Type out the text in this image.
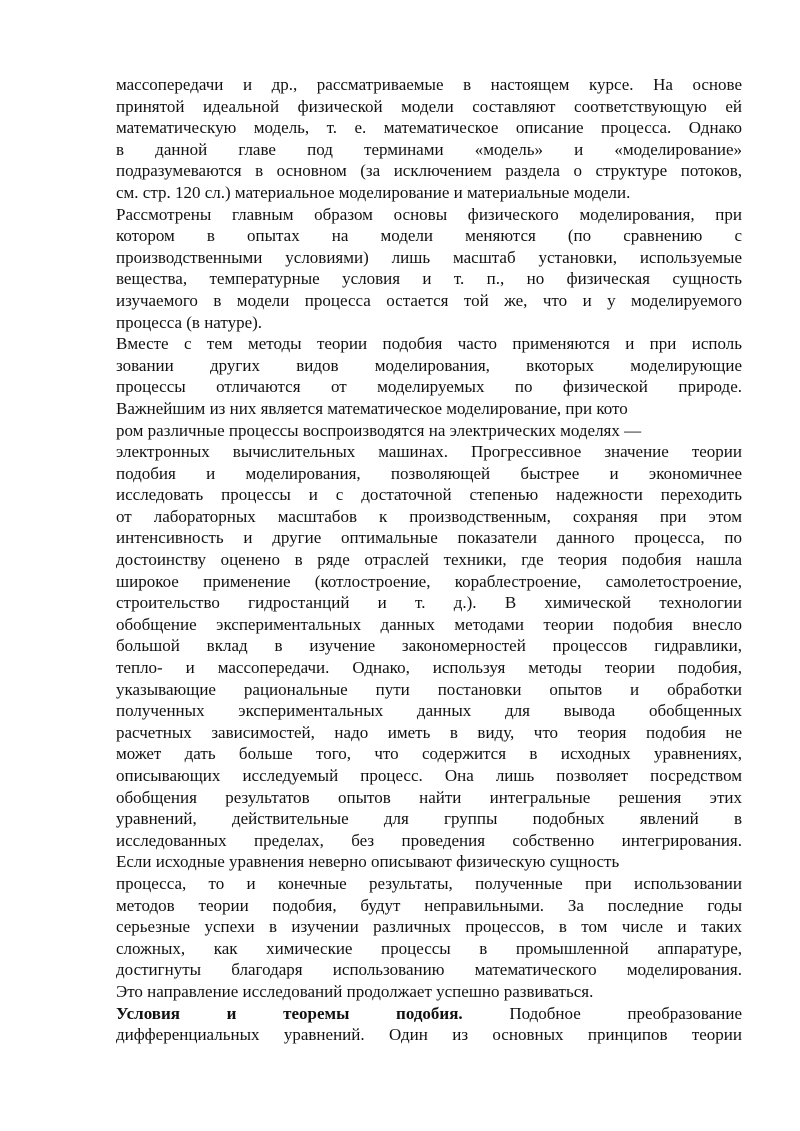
массопередачи и др., рассматриваемые в настоящем курсе. На основе
принятой идеальной физической модели составляют соответствующую ей
математическую модель, т. е. математическое описание процесса. Однако
в данной главе под терминами «модель» и «моделирование»
подразумеваются в основном (за исключением раздела о структуре потоков,
см. стр. 120 сл.) материальное моделирование и материальные модели.
Рассмотрены главным образом основы физического моделирования, при
котором в опытах на модели меняются (по сравнению с
производственными условиями) лишь масштаб установки, используемые
вещества, температурные условия и т. п., но физическая сущность
изучаемого в модели процесса остается той же, что и у моделируемого
процесса (в натуре).
Вместе с тем методы теории подобия часто применяются и при исполь
зовании других видов моделирования, вкоторых моделирующие
процессы отличаются от моделируемых по физической природе.
Важнейшим из них является математическое моделирование, при кото
ром различные процессы воспроизводятся на электрических моделях —
электронных вычислительных машинах. Прогрессивное значение теории
подобия и моделирования, позволяющей быстрее и экономичнее
исследовать процессы и с достаточной степенью надежности переходить
от лабораторных масштабов к производственным, сохраняя при этом
интенсивность и другие оптимальные показатели данного процесса, по
достоинству оценено в ряде отраслей техники, где теория подобия нашла
широкое применение (котлостроение, кораблестроение, самолетостроение,
строительство гидростанций и т. д.). В химической технологии
обобщение экспериментальных данных методами теории подобия внесло
большой вклад в изучение закономерностей процессов гидравлики,
тепло- и массопередачи. Однако, используя методы теории подобия,
указывающие рациональные пути постановки опытов и обработки
полученных экспериментальных данных для вывода обобщенных
расчетных зависимостей, надо иметь в виду, что теория подобия не
может дать больше того, что содержится в исходных уравнениях,
описывающих исследуемый процесс. Она лишь позволяет посредством
обобщения результатов опытов найти интегральные решения этих
уравнений, действительные для группы подобных явлений в
исследованных пределах, без проведения собственно интегрирования.
Если исходные уравнения неверно описывают физическую сущность
процесса, то и конечные результаты, полученные при использовании
методов теории подобия, будут неправильными. За последние годы
серьезные успехи в изучении различных процессов, в том числе и таких
сложных, как химические процессы в промышленной аппаратуре,
достигнуты благодаря использованию математического моделирования.
Это направление исследований продолжает успешно развиваться.
Условия и теоремы подобия.	Подобное преобразование
дифференциальных уравнений. Один из основных принципов теории
